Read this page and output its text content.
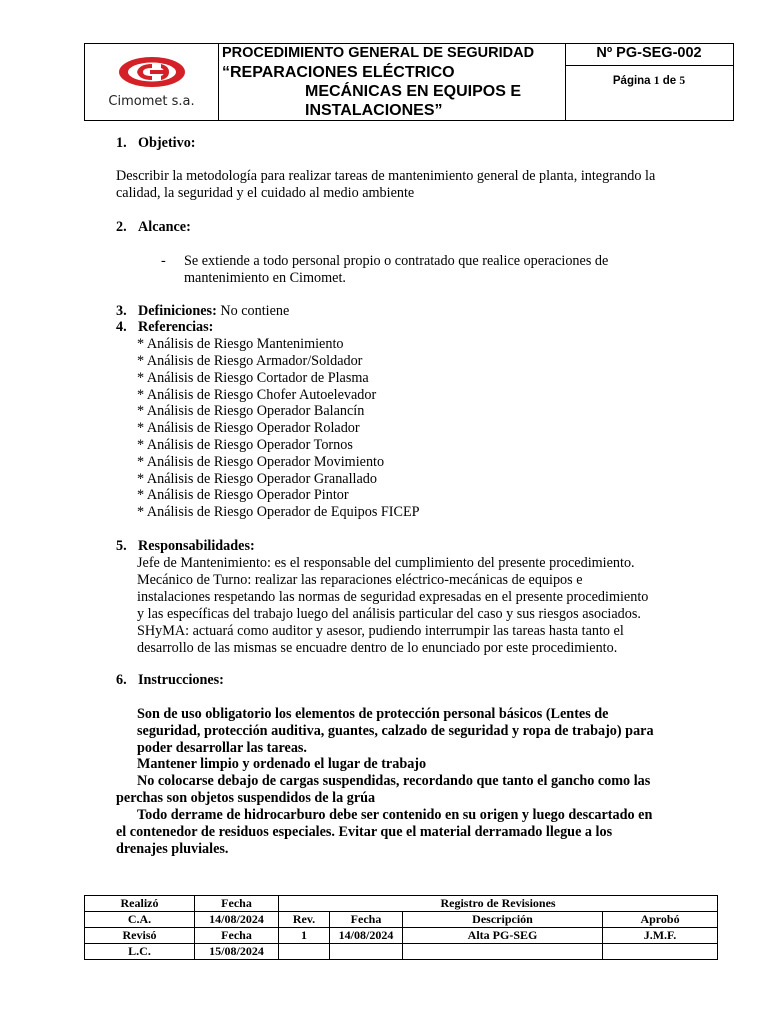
Cimomet s.a.
PROCEDIMIENTO GENERAL DE SEGURIDAD
“REPARACIONES ELÉCTRICO
MECÁNICAS EN EQUIPOS E
INSTALACIONES”
Nº PG-SEG-002
Página 1 de 5
1. Objetivo:
Describir la metodología para realizar tareas de mantenimiento general de planta, integrando la
calidad, la seguridad y el cuidado al medio ambiente
2. Alcance:
- Se extiende a todo personal propio o contratado que realice operaciones de
mantenimiento en Cimomet.
3. Definiciones: No contiene
4. Referencias:
* Análisis de Riesgo Mantenimiento
* Análisis de Riesgo Armador/Soldador
* Análisis de Riesgo Cortador de Plasma
* Análisis de Riesgo Chofer Autoelevador
* Análisis de Riesgo Operador Balancín
* Análisis de Riesgo Operador Rolador
* Análisis de Riesgo Operador Tornos
* Análisis de Riesgo Operador Movimiento
* Análisis de Riesgo Operador Granallado
* Análisis de Riesgo Operador Pintor
* Análisis de Riesgo Operador de Equipos FICEP
5. Responsabilidades:
Jefe de Mantenimiento: es el responsable del cumplimiento del presente procedimiento.
Mecánico de Turno: realizar las reparaciones eléctrico-mecánicas de equipos e
instalaciones respetando las normas de seguridad expresadas en el presente procedimiento
y las específicas del trabajo luego del análisis particular del caso y sus riesgos asociados.
SHyMA: actuará como auditor y asesor, pudiendo interrumpir las tareas hasta tanto el
desarrollo de las mismas se encuadre dentro de lo enunciado por este procedimiento.
6. Instrucciones:
Son de uso obligatorio los elementos de protección personal básicos (Lentes de
seguridad, protección auditiva, guantes, calzado de seguridad y ropa de trabajo) para
poder desarrollar las tareas.
Mantener limpio y ordenado el lugar de trabajo
No colocarse debajo de cargas suspendidas, recordando que tanto el gancho como las
perchas son objetos suspendidos de la grúa
Todo derrame de hidrocarburo debe ser contenido en su origen y luego descartado en
el contenedor de residuos especiales. Evitar que el material derramado llegue a los
drenajes pluviales.
Realizó	Fecha	Registro de Revisiones			
C.A.	14/08/2024	Rev.	Fecha	Descripción	Aprobó
Revisó	Fecha	1	14/08/2024	Alta PG-SEG	J.M.F.
L.C.	15/08/2024				
